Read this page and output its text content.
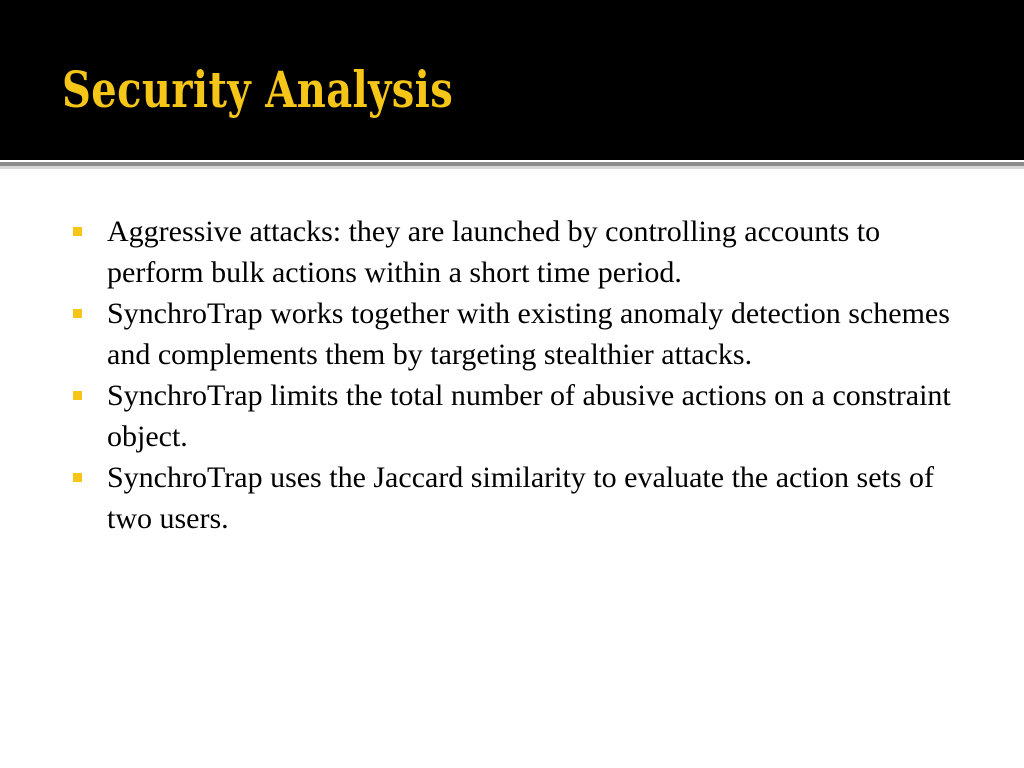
Security Analysis
Aggressive attacks: they are launched by controlling accounts to perform bulk actions within a short time period.
SynchroTrap works together with existing anomaly detection schemes and complements them by targeting stealthier attacks.
SynchroTrap limits the total number of abusive actions on a constraint object.
SynchroTrap uses the Jaccard similarity to evaluate the action sets of two users.
